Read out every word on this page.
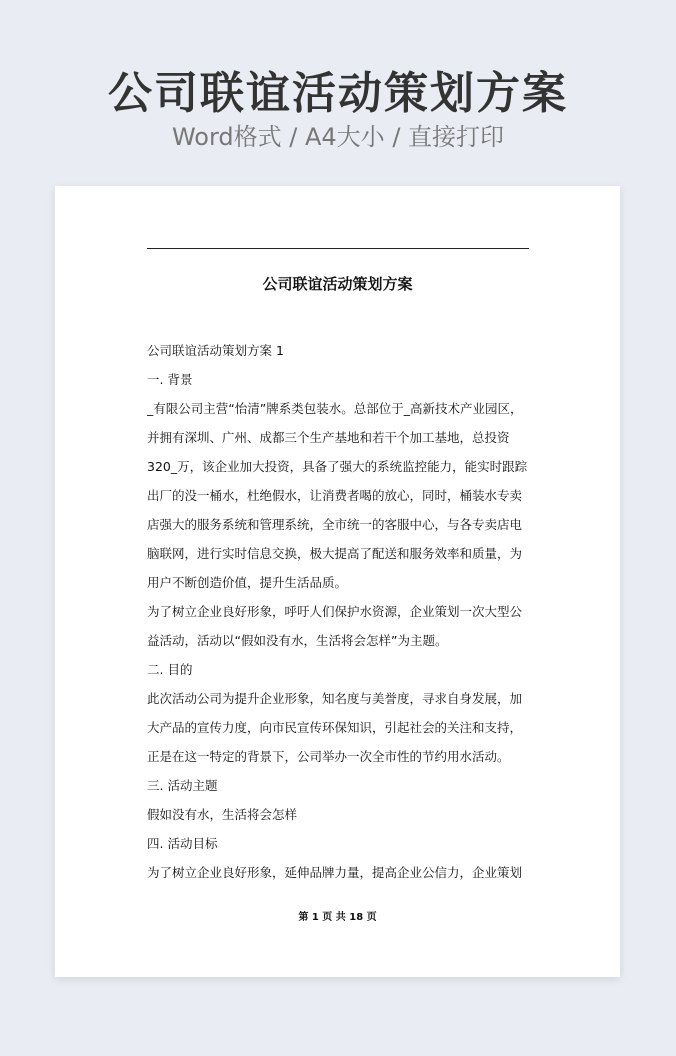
公司联谊活动策划方案
Word格式 / A4大小 / 直接打印
公司联谊活动策划方案
公司联谊活动策划方案 1
一. 背景
_有限公司主营“怡清”牌系类包装水。总部位于_高新技术产业园区，
并拥有深圳、广州、成都三个生产基地和若干个加工基地，总投资
320_万，该企业加大投资，具备了强大的系统监控能力，能实时跟踪
出厂的没一桶水，杜绝假水，让消费者喝的放心，同时，桶装水专卖
店强大的服务系统和管理系统，全市统一的客服中心，与各专卖店电
脑联网，进行实时信息交换，极大提高了配送和服务效率和质量，为
用户不断创造价值，提升生活品质。
为了树立企业良好形象，呼吁人们保护水资源，企业策划一次大型公
益活动，活动以“假如没有水，生活将会怎样”为主题。
二. 目的
此次活动公司为提升企业形象，知名度与美誉度，寻求自身发展，加
大产品的宣传力度，向市民宣传环保知识，引起社会的关注和支持，
正是在这一特定的背景下，公司举办一次全市性的节约用水活动。
三. 活动主题
假如没有水，生活将会怎样
四. 活动目标
为了树立企业良好形象，延伸品牌力量，提高企业公信力，企业策划
第 1 页 共 18 页
